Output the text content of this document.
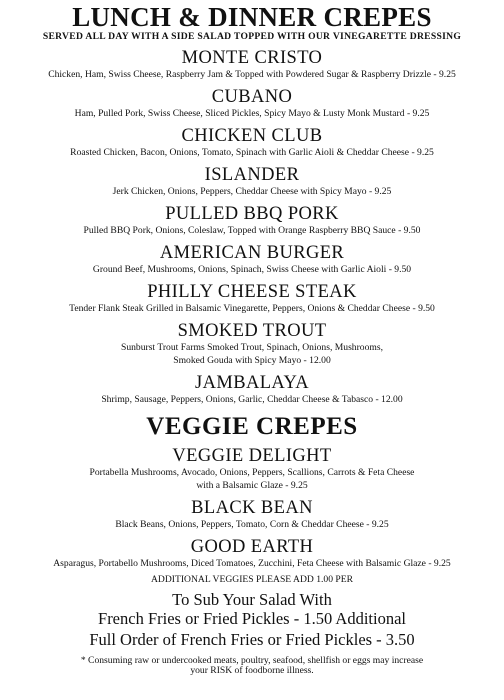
LUNCH & DINNER CREPES
SERVED ALL DAY WITH A SIDE SALAD TOPPED WITH OUR VINEGARETTE DRESSING
MONTE CRISTO
Chicken, Ham, Swiss Cheese, Raspberry Jam & Topped with Powdered Sugar & Raspberry Drizzle - 9.25
CUBANO
Ham, Pulled Pork, Swiss Cheese, Sliced Pickles, Spicy Mayo & Lusty Monk Mustard - 9.25
CHICKEN CLUB
Roasted Chicken, Bacon, Onions, Tomato, Spinach with Garlic Aioli & Cheddar Cheese - 9.25
ISLANDER
Jerk Chicken, Onions, Peppers, Cheddar Cheese with Spicy Mayo - 9.25
PULLED BBQ PORK
Pulled BBQ Pork, Onions, Coleslaw, Topped with Orange Raspberry BBQ Sauce - 9.50
AMERICAN BURGER
Ground Beef, Mushrooms, Onions, Spinach, Swiss Cheese with Garlic Aioli - 9.50
PHILLY CHEESE STEAK
Tender Flank Steak Grilled in Balsamic Vinegarette, Peppers, Onions & Cheddar Cheese - 9.50
SMOKED TROUT
Sunburst Trout Farms Smoked Trout, Spinach, Onions, Mushrooms,
Smoked Gouda with Spicy Mayo - 12.00
JAMBALAYA
Shrimp, Sausage, Peppers, Onions, Garlic, Cheddar Cheese & Tabasco - 12.00
VEGGIE CREPES
VEGGIE DELIGHT
Portabella Mushrooms, Avocado, Onions, Peppers, Scallions, Carrots & Feta Cheese
with a Balsamic Glaze - 9.25
BLACK BEAN
Black Beans, Onions, Peppers, Tomato, Corn & Cheddar Cheese - 9.25
GOOD EARTH
Asparagus, Portabello Mushrooms, Diced Tomatoes, Zucchini, Feta Cheese with Balsamic Glaze - 9.25
ADDITIONAL VEGGIES PLEASE ADD 1.00 PER
To Sub Your Salad With
French Fries or Fried Pickles - 1.50 Additional
Full Order of French Fries or Fried Pickles - 3.50
* Consuming raw or undercooked meats, poultry, seafood, shellfish or eggs may increase
your RISK of foodborne illness.
